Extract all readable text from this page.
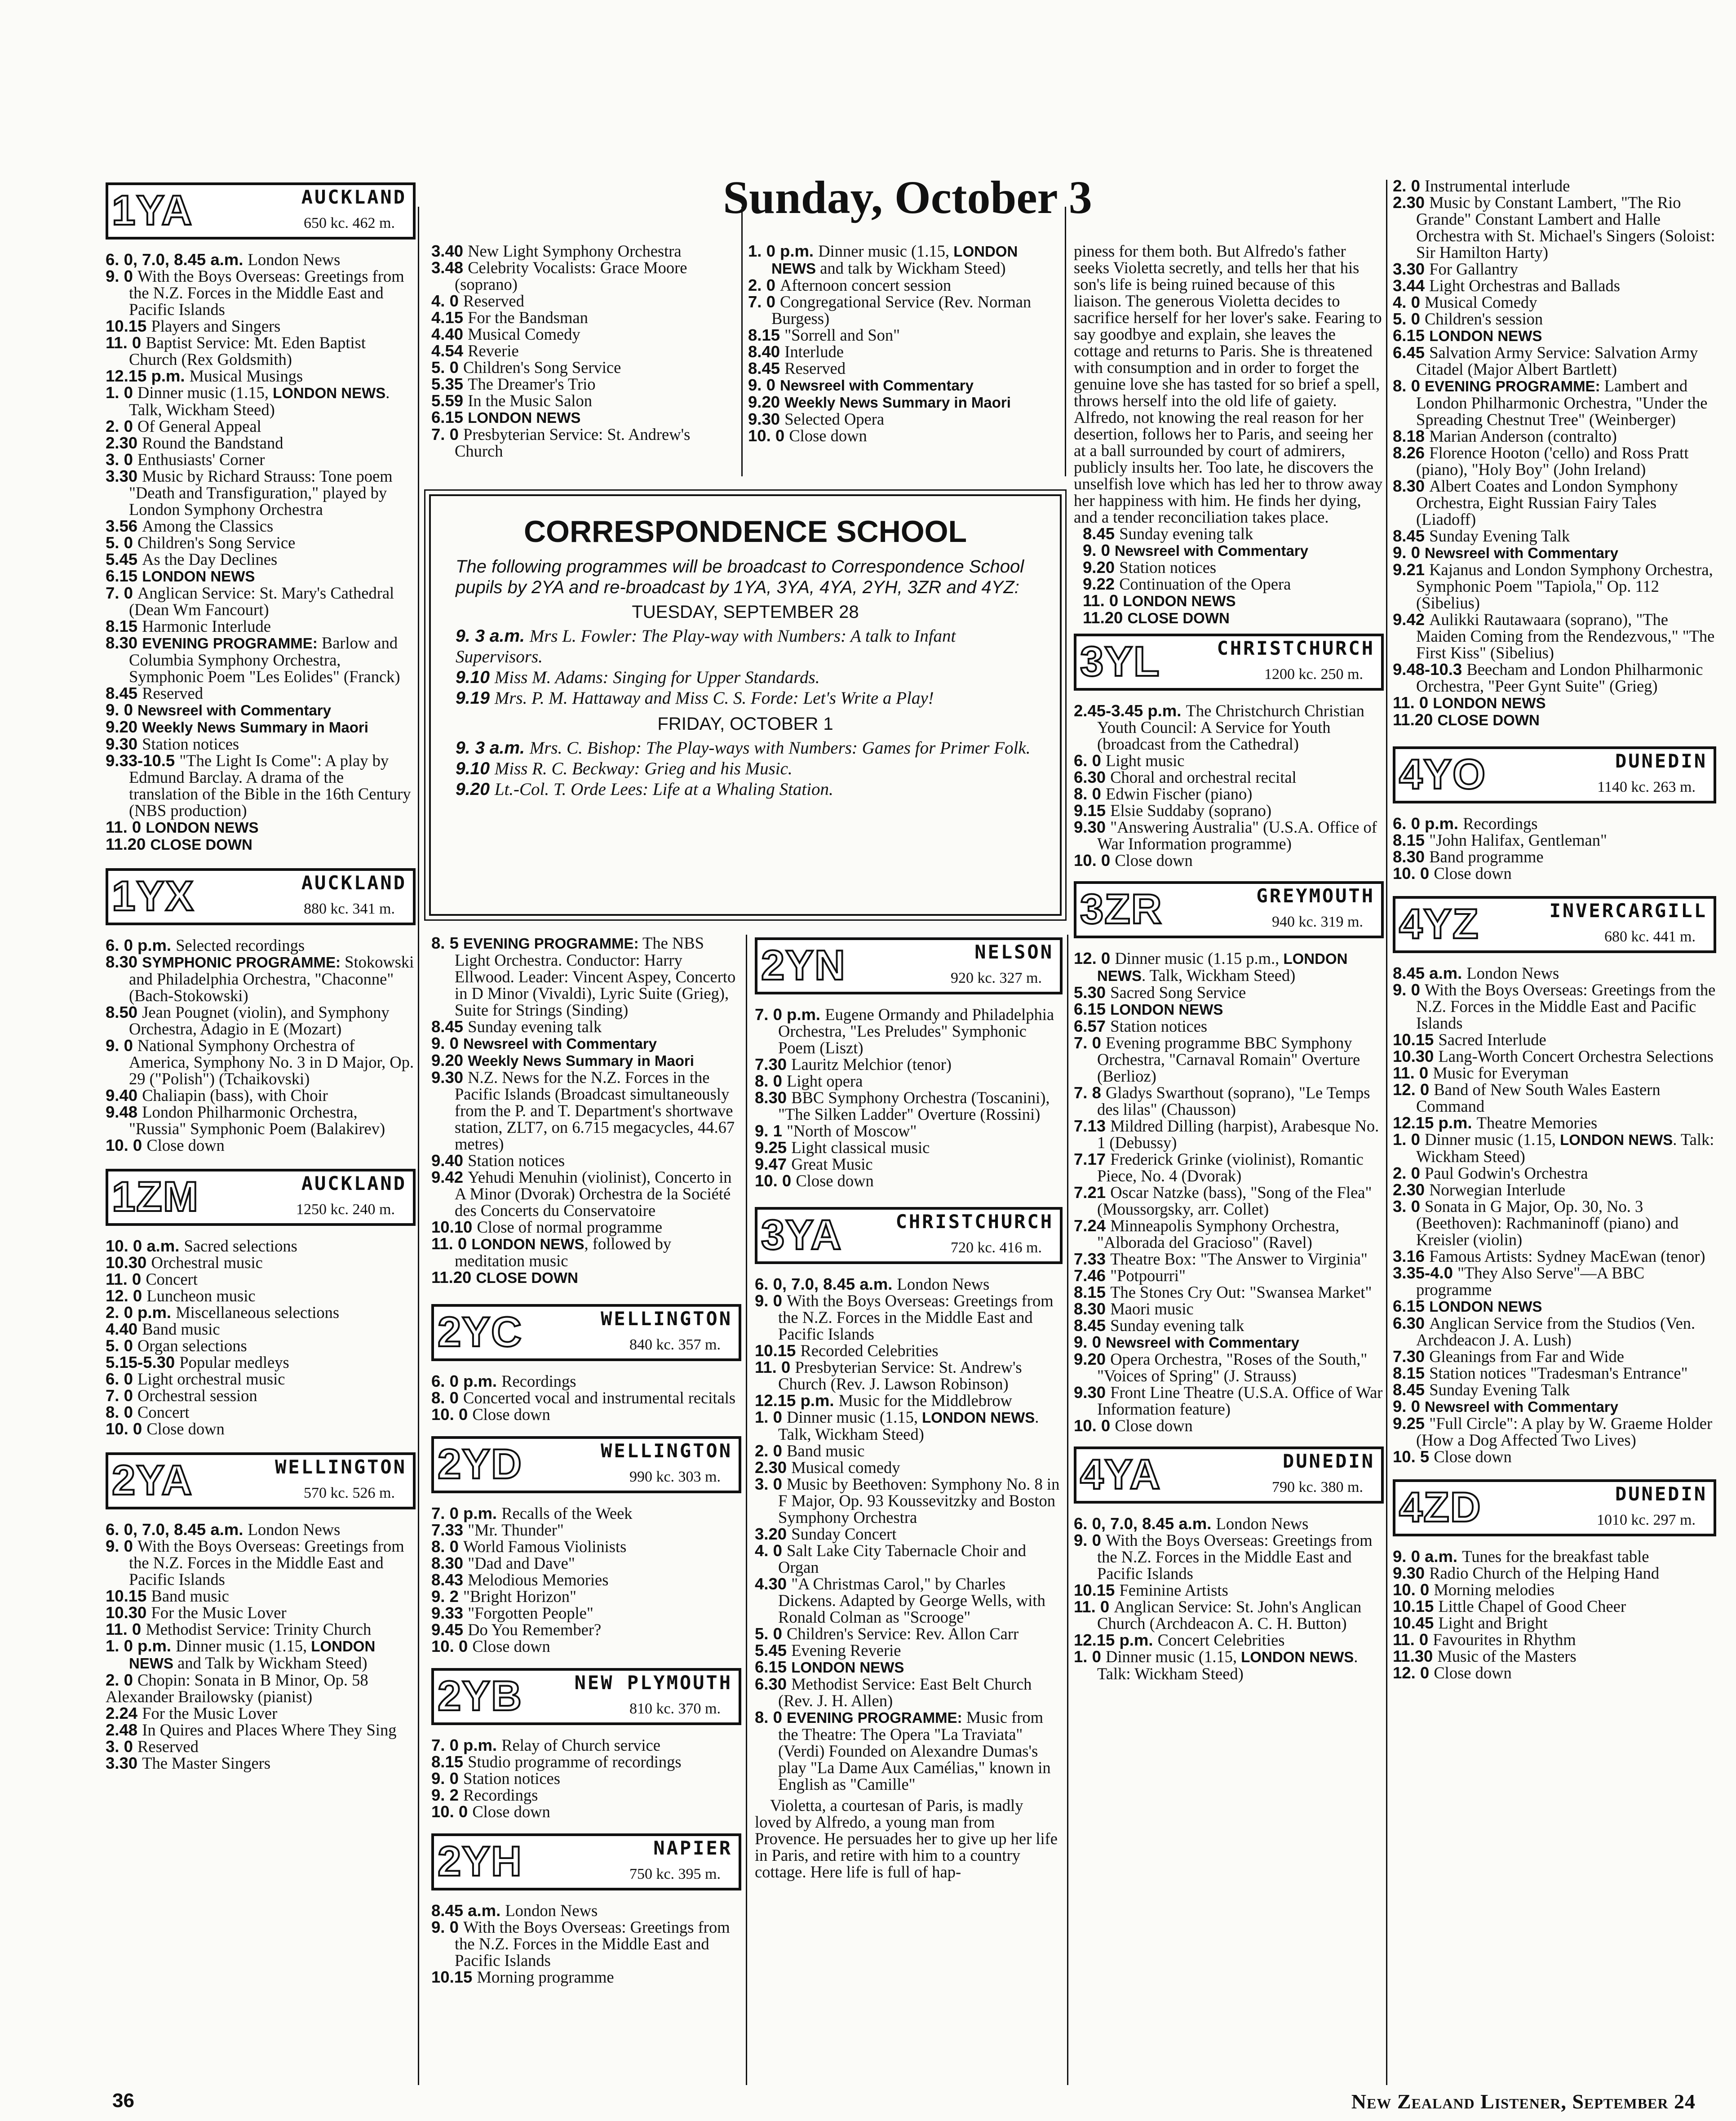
Sunday, October 3
1YA	AUCKLAND
650 kc. 462 m.

6. 0, 7.0, 8.45 a.m. London News

9. 0 With the Boys Overseas: Greetings from the N.Z. Forces in the Middle East and Pacific Islands

10.15 Players and Singers

11. 0 Baptist Service: Mt. Eden Baptist Church (Rex Goldsmith)

12.15 p.m. Musical Musings

1. 0 Dinner music (1.15, LONDON NEWS. Talk, Wickham Steed)

2. 0 Of General Appeal

2.30 Round the Bandstand

3. 0 Enthusiasts' Corner

3.30 Music by Richard Strauss: Tone poem "Death and Transfiguration," played by London Symphony Orchestra

3.56 Among the Classics

5. 0 Children's Song Service

5.45 As the Day Declines

6.15 LONDON NEWS

7. 0 Anglican Service: St. Mary's Cathedral (Dean Wm Fancourt)

8.15 Harmonic Interlude

8.30 EVENING PROGRAMME: Barlow and Columbia Symphony Orchestra, Symphonic Poem "Les Eolides" (Franck)

8.45 Reserved

9. 0 Newsreel with Commentary

9.20 Weekly News Summary in Maori

9.30 Station notices

9.33-10.5 "The Light Is Come": A play by Edmund Barclay. A drama of the translation of the Bible in the 16th Century (NBS production)

11. 0 LONDON NEWS

11.20 CLOSE DOWN

1YX	AUCKLAND
880 kc. 341 m.

6. 0 p.m. Selected recordings

8.30 SYMPHONIC PROGRAMME: Stokowski and Philadelphia Orchestra, "Chaconne" (Bach-Stokowski)

8.50 Jean Pougnet (violin), and Symphony Orchestra, Adagio in E (Mozart)

9. 0 National Symphony Orchestra of America, Symphony No. 3 in D Major, Op. 29 ("Polish") (Tchaikovski)

9.40 Chaliapin (bass), with Choir

9.48 London Philharmonic Orchestra, "Russia" Symphonic Poem (Balakirev)

10. 0 Close down

1ZM	AUCKLAND
1250 kc. 240 m.

10. 0 a.m. Sacred selections

10.30 Orchestral music

11. 0 Concert

12. 0 Luncheon music

2. 0 p.m. Miscellaneous selections

4.40 Band music

5. 0 Organ selections

5.15-5.30 Popular medleys

6. 0 Light orchestral music

7. 0 Orchestral session

8. 0 Concert

10. 0 Close down

2YA	WELLINGTON
570 kc. 526 m.

6. 0, 7.0, 8.45 a.m. London News

9. 0 With the Boys Overseas: Greetings from the N.Z. Forces in the Middle East and Pacific Islands

10.15 Band music

10.30 For the Music Lover

11. 0 Methodist Service: Trinity Church

1. 0 p.m. Dinner music (1.15, LONDON NEWS and Talk by Wickham Steed)

2. 0 Chopin: Sonata in B Minor, Op. 58

Alexander Brailowsky (pianist)

2.24 For the Music Lover

2.48 In Quires and Places Where They Sing

3. 0 Reserved

3.30 The Master Singers

3.40 New Light Symphony Orchestra

3.48 Celebrity Vocalists: Grace Moore (soprano)

4. 0 Reserved

4.15 For the Bandsman

4.40 Musical Comedy

4.54 Reverie

5. 0 Children's Song Service

5.35 The Dreamer's Trio

5.59 In the Music Salon

6.15 LONDON NEWS

7. 0 Presbyterian Service: St. Andrew's Church

1. 0 p.m. Dinner music (1.15, LONDON NEWS and talk by Wickham Steed)

2. 0 Afternoon concert session

7. 0 Congregational Service (Rev. Norman Burgess)

8.15 "Sorrell and Son"

8.40 Interlude

8.45 Reserved

9. 0 Newsreel with Commentary

9.20 Weekly News Summary in Maori

9.30 Selected Opera

10. 0 Close down

CORRESPONDENCE SCHOOL
The following programmes will be broadcast to Correspondence School pupils by 2YA and re-broadcast by 1YA, 3YA, 4YA, 2YH, 3ZR and 4YZ:
TUESDAY, SEPTEMBER 28

9. 3 a.m. Mrs L. Fowler: The Play-way with Numbers: A talk to Infant Supervisors.

9.10 Miss M. Adams: Singing for Upper Standards.

9.19 Mrs. P. M. Hattaway and Miss C. S. Forde: Let's Write a Play!

FRIDAY, OCTOBER 1

9. 3 a.m. Mrs. C. Bishop: The Play-ways with Numbers: Games for Primer Folk.

9.10 Miss R. C. Beckway: Grieg and his Music.

9.20 Lt.-Col. T. Orde Lees: Life at a Whaling Station.

8. 5 EVENING PROGRAMME: The NBS Light Orchestra. Conductor: Harry Ellwood. Leader: Vincent Aspey, Concerto in D Minor (Vivaldi), Lyric Suite (Grieg), Suite for Strings (Sinding)

8.45 Sunday evening talk

9. 0 Newsreel with Commentary

9.20 Weekly News Summary in Maori

9.30 N.Z. News for the N.Z. Forces in the Pacific Islands (Broadcast simultaneously from the P. and T. Department's shortwave station, ZLT7, on 6.715 megacycles, 44.67 metres)

9.40 Station notices

9.42 Yehudi Menuhin (violinist), Concerto in A Minor (Dvorak) Orchestra de la Société des Concerts du Conservatoire

10.10 Close of normal programme

11. 0 LONDON NEWS, followed by meditation music

11.20 CLOSE DOWN

2YC	WELLINGTON
840 kc. 357 m.

6. 0 p.m. Recordings

8. 0 Concerted vocal and instrumental recitals

10. 0 Close down

2YD	WELLINGTON
990 kc. 303 m.

7. 0 p.m. Recalls of the Week

7.33 "Mr. Thunder"

8. 0 World Famous Violinists

8.30 "Dad and Dave"

8.43 Melodious Memories

9. 2 "Bright Horizon"

9.33 "Forgotten People"

9.45 Do You Remember?

10. 0 Close down

2YB	NEW PLYMOUTH
810 kc. 370 m.

7. 0 p.m. Relay of Church service

8.15 Studio programme of recordings

9. 0 Station notices

9. 2 Recordings

10. 0 Close down

2YH	NAPIER
750 kc. 395 m.

8.45 a.m. London News

9. 0 With the Boys Overseas: Greetings from the N.Z. Forces in the Middle East and Pacific Islands

10.15 Morning programme

2YN	NELSON
920 kc. 327 m.

7. 0 p.m. Eugene Ormandy and Philadelphia Orchestra, "Les Preludes" Symphonic Poem (Liszt)

7.30 Lauritz Melchior (tenor)

8. 0 Light opera

8.30 BBC Symphony Orchestra (Toscanini), "The Silken Ladder" Overture (Rossini)

9. 1 "North of Moscow"

9.25 Light classical music

9.47 Great Music

10. 0 Close down

3YA	CHRISTCHURCH
720 kc. 416 m.

6. 0, 7.0, 8.45 a.m. London News

9. 0 With the Boys Overseas: Greetings from the N.Z. Forces in the Middle East and Pacific Islands

10.15 Recorded Celebrities

11. 0 Presbyterian Service: St. Andrew's Church (Rev. J. Lawson Robinson)

12.15 p.m. Music for the Middlebrow

1. 0 Dinner music (1.15, LONDON NEWS. Talk, Wickham Steed)

2. 0 Band music

2.30 Musical comedy

3. 0 Music by Beethoven: Symphony No. 8 in F Major, Op. 93 Koussevitzky and Boston Symphony Orchestra

3.20 Sunday Concert

4. 0 Salt Lake City Tabernacle Choir and Organ

4.30 "A Christmas Carol," by Charles Dickens. Adapted by George Wells, with Ronald Colman as "Scrooge"

5. 0 Children's Service: Rev. Allon Carr

5.45 Evening Reverie

6.15 LONDON NEWS

6.30 Methodist Service: East Belt Church (Rev. J. H. Allen)

8. 0 EVENING PROGRAMME: Music from the Theatre: The Opera "La Traviata" (Verdi) Founded on Alexandre Dumas's play "La Dame Aux Camélias," known in English as "Camille"

Violetta, a courtesan of Paris, is madly loved by Alfredo, a young man from Provence. He persuades her to give up her life in Paris, and retire with him to a country cottage. Here life is full of hap-

piness for them both. But Alfredo's father seeks Violetta secretly, and tells her that his son's life is being ruined because of this liaison. The generous Violetta decides to sacrifice herself for her lover's sake. Fearing to say goodbye and explain, she leaves the cottage and returns to Paris. She is threatened with consumption and in order to forget the genuine love she has tasted for so brief a spell, throws herself into the old life of gaiety. Alfredo, not knowing the real reason for her desertion, follows her to Paris, and seeing her at a ball surrounded by court of admirers, publicly insults her. Too late, he discovers the unselfish love which has led her to throw away her happiness with him. He finds her dying, and a tender reconciliation takes place.

8.45 Sunday evening talk

9. 0 Newsreel with Commentary

9.20 Station notices

9.22 Continuation of the Opera

11. 0 LONDON NEWS

11.20 CLOSE DOWN

3YL	CHRISTCHURCH
1200 kc. 250 m.

2.45-3.45 p.m. The Christchurch Christian Youth Council: A Service for Youth (broadcast from the Cathedral)

6. 0 Light music

6.30 Choral and orchestral recital

8. 0 Edwin Fischer (piano)

9.15 Elsie Suddaby (soprano)

9.30 "Answering Australia" (U.S.A. Office of War Information programme)

10. 0 Close down

3ZR	GREYMOUTH
940 kc. 319 m.

12. 0 Dinner music (1.15 p.m., LONDON NEWS. Talk, Wickham Steed)

5.30 Sacred Song Service

6.15 LONDON NEWS

6.57 Station notices

7. 0 Evening programme BBC Symphony Orchestra, "Carnaval Romain" Overture (Berlioz)

7. 8 Gladys Swarthout (soprano), "Le Temps des lilas" (Chausson)

7.13 Mildred Dilling (harpist), Arabesque No. 1 (Debussy)

7.17 Frederick Grinke (violinist), Romantic Piece, No. 4 (Dvorak)

7.21 Oscar Natzke (bass), "Song of the Flea" (Moussorgsky, arr. Collet)

7.24 Minneapolis Symphony Orchestra, "Alborada del Gracioso" (Ravel)

7.33 Theatre Box: "The Answer to Virginia"

7.46 "Potpourri"

8.15 The Stones Cry Out: "Swansea Market"

8.30 Maori music

8.45 Sunday evening talk

9. 0 Newsreel with Commentary

9.20 Opera Orchestra, "Roses of the South," "Voices of Spring" (J. Strauss)

9.30 Front Line Theatre (U.S.A. Office of War Information feature)

10. 0 Close down

4YA	DUNEDIN
790 kc. 380 m.

6. 0, 7.0, 8.45 a.m. London News

9. 0 With the Boys Overseas: Greetings from the N.Z. Forces in the Middle East and Pacific Islands

10.15 Feminine Artists

11. 0 Anglican Service: St. John's Anglican Church (Archdeacon A. C. H. Button)

12.15 p.m. Concert Celebrities

1. 0 Dinner music (1.15, LONDON NEWS. Talk: Wickham Steed)

2. 0 Instrumental interlude

2.30 Music by Constant Lambert, "The Rio Grande" Constant Lambert and Halle Orchestra with St. Michael's Singers (Soloist: Sir Hamilton Harty)

3.30 For Gallantry

3.44 Light Orchestras and Ballads

4. 0 Musical Comedy

5. 0 Children's session

6.15 LONDON NEWS

6.45 Salvation Army Service: Salvation Army Citadel (Major Albert Bartlett)

8. 0 EVENING PROGRAMME: Lambert and London Philharmonic Orchestra, "Under the Spreading Chestnut Tree" (Weinberger)

8.18 Marian Anderson (contralto)

8.26 Florence Hooton ('cello) and Ross Pratt (piano), "Holy Boy" (John Ireland)

8.30 Albert Coates and London Symphony Orchestra, Eight Russian Fairy Tales (Liadoff)

8.45 Sunday Evening Talk

9. 0 Newsreel with Commentary

9.21 Kajanus and London Symphony Orchestra, Symphonic Poem "Tapiola," Op. 112 (Sibelius)

9.42 Aulikki Rautawaara (soprano), "The Maiden Coming from the Rendezvous," "The First Kiss" (Sibelius)

9.48-10.3 Beecham and London Philharmonic Orchestra, "Peer Gynt Suite" (Grieg)

11. 0 LONDON NEWS

11.20 CLOSE DOWN

4YO	DUNEDIN
1140 kc. 263 m.

6. 0 p.m. Recordings

8.15 "John Halifax, Gentleman"

8.30 Band programme

10. 0 Close down

4YZ	INVERCARGILL
680 kc. 441 m.

8.45 a.m. London News

9. 0 With the Boys Overseas: Greetings from the N.Z. Forces in the Middle East and Pacific Islands

10.15 Sacred Interlude

10.30 Lang-Worth Concert Orchestra Selections

11. 0 Music for Everyman

12. 0 Band of New South Wales Eastern Command

12.15 p.m. Theatre Memories

1. 0 Dinner music (1.15, LONDON NEWS. Talk: Wickham Steed)

2. 0 Paul Godwin's Orchestra

2.30 Norwegian Interlude

3. 0 Sonata in G Major, Op. 30, No. 3 (Beethoven): Rachmaninoff (piano) and Kreisler (violin)

3.16 Famous Artists: Sydney MacEwan (tenor)

3.35-4.0 "They Also Serve"—A BBC programme

6.15 LONDON NEWS

6.30 Anglican Service from the Studios (Ven. Archdeacon J. A. Lush)

7.30 Gleanings from Far and Wide

8.15 Station notices "Tradesman's Entrance"

8.45 Sunday Evening Talk

9. 0 Newsreel with Commentary

9.25 "Full Circle": A play by W. Graeme Holder (How a Dog Affected Two Lives)

10. 5 Close down

4ZD	DUNEDIN
1010 kc. 297 m.

9. 0 a.m. Tunes for the breakfast table

9.30 Radio Church of the Helping Hand

10. 0 Morning melodies

10.15 Little Chapel of Good Cheer

10.45 Light and Bright

11. 0 Favourites in Rhythm

11.30 Music of the Masters

12. 0 Close down

36	New Zealand Listener, September 24
